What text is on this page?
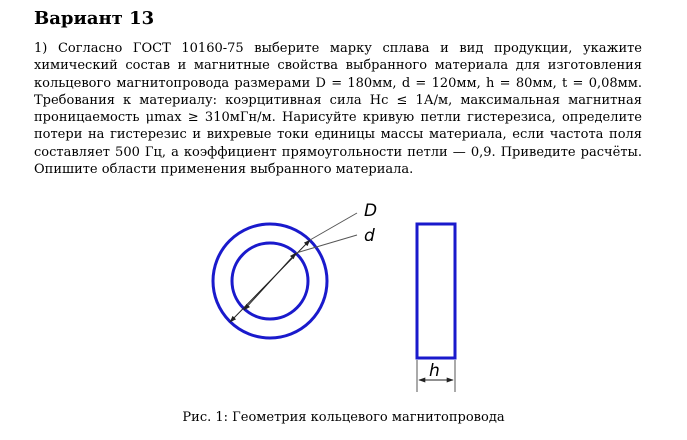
Вариант 13
1) Согласно ГОСТ 10160-75 выберите марку сплава и вид продукции, укажите химический состав и магнитные свойства выбранного материала для изготовления кольцевого магнитопровода размерами D = 180мм, d = 120мм, h = 80мм, t = 0,08мм. Требования к материалу: коэрцитивная сила Hc ≤ 1А/м, максимальная магнитная проницаемость μmax ≥ 310мГн/м. Нарисуйте кривую петли гистерезиса, определите потери на гистерезис и вихревые токи единицы массы материала, если частота поля составляет 500 Гц, а коэффициент прямоугольности петли — 0,9. Приведите расчёты. Опишите области применения выбранного материала.
D
d
h
Рис. 1: Геометрия кольцевого магнитопровода
